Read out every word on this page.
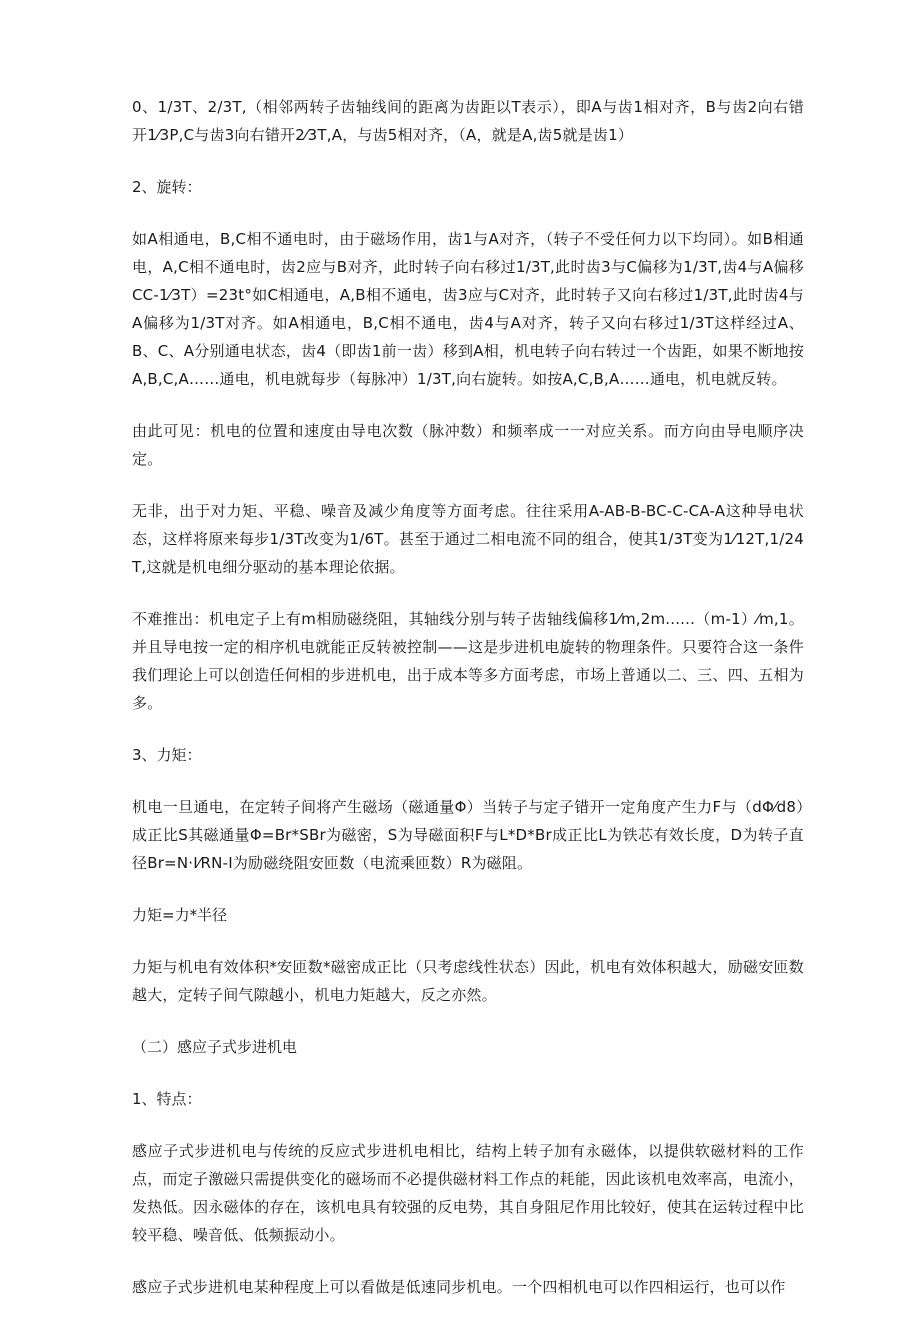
0、1/3T、2/3T,（相邻两转子齿轴线间的距离为齿距以T表示），即A与齿1相对齐，B与齿2向右错开1⁄3P,C与齿3向右错开2⁄3T,A，与齿5相对齐，（A，就是A,齿5就是齿1）

2、旋转：

如A相通电，B,C相不通电时，由于磁场作用，齿1与A对齐，（转子不受任何力以下均同）。如B相通电，A,C相不通电时，齿2应与B对齐，此时转子向右移过1/3T,此时齿3与C偏移为1/3T,齿4与A偏移CC-1⁄3T）=23t°如C相通电，A,B相不通电，齿3应与C对齐，此时转子又向右移过1/3T,此时齿4与A偏移为1/3T对齐。如A相通电，B,C相不通电，齿4与A对齐，转子又向右移过1/3T这样经过A、B、C、A分别通电状态，齿4（即齿1前一齿）移到A相，机电转子向右转过一个齿距，如果不断地按A,B,C,A……通电，机电就每步（每脉冲）1/3T,向右旋转。如按A,C,B,A……通电，机电就反转。

由此可见：机电的位置和速度由导电次数（脉冲数）和频率成一一对应关系。而方向由导电顺序决定。

无非，出于对力矩、平稳、噪音及减少角度等方面考虑。往往采用A-AB-B-BC-C-CA-A这种导电状态，这样将原来每步1/3T改变为1/6T。甚至于通过二相电流不同的组合，使其1/3T变为1⁄12T,1/24T,这就是机电细分驱动的基本理论依据。

不难推出：机电定子上有m相励磁绕阻，其轴线分别与转子齿轴线偏移1⁄m,2m......（m-1）⁄m,1。并且导电按一定的相序机电就能正反转被控制——这是步进机电旋转的物理条件。只要符合这一条件我们理论上可以创造任何相的步进机电，出于成本等多方面考虑，市场上普通以二、三、四、五相为多。

3、力矩：

机电一旦通电，在定转子间将产生磁场（磁通量Φ）当转子与定子错开一定角度产生力F与（dΦ⁄d8）成正比S其磁通量Φ=Br*SBr为磁密，S为导磁面积F与L*D*Br成正比L为铁芯有效长度，D为转子直径Br=N·I⁄RN-I为励磁绕阻安匝数（电流乘匝数）R为磁阻。

力矩=力*半径

力矩与机电有效体积*安匝数*磁密成正比（只考虑线性状态）因此，机电有效体积越大，励磁安匝数越大，定转子间气隙越小，机电力矩越大，反之亦然。

（二）感应子式步进机电

1、特点：

感应子式步进机电与传统的反应式步进机电相比，结构上转子加有永磁体，以提供软磁材料的工作点，而定子激磁只需提供变化的磁场而不必提供磁材料工作点的耗能，因此该机电效率高，电流小，发热低。因永磁体的存在，该机电具有较强的反电势，其自身阻尼作用比较好，使其在运转过程中比较平稳、噪音低、低频振动小。

感应子式步进机电某种程度上可以看做是低速同步机电。一个四相机电可以作四相运行，也可以作
